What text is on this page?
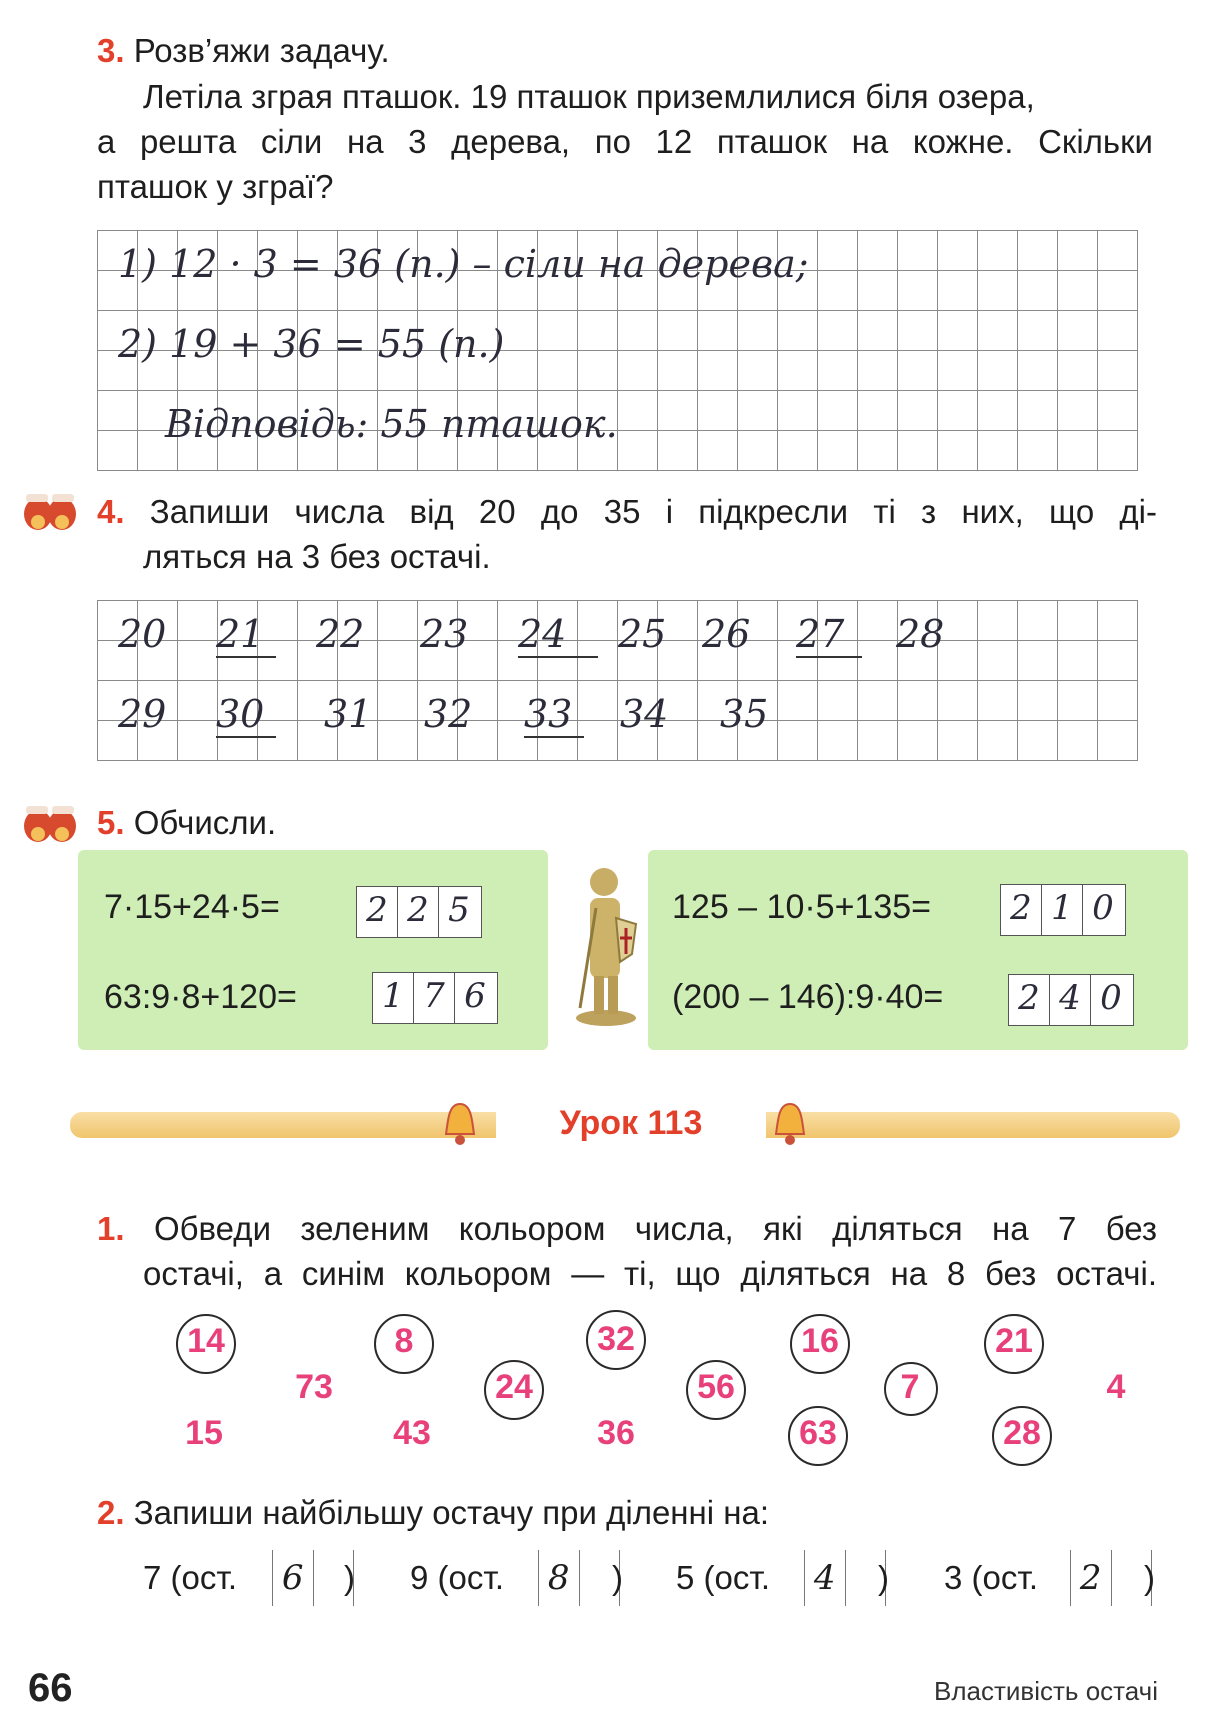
3. Розв’яжи задачу.
Летіла зграя пташок. 19 пташок приземлилися біля озера,
а решта сіли на 3 дерева, по 12 пташок на кожне. Скільки
пташок у зграї?
1) 12 · 3 = 36 (п.) – сіли на дерева;
2) 19 + 36 = 55 (п.)
Відповідь: 55 пташок.
4. Запиши числа від 20 до 35 і підкресли ті з них, що ді-
ляться на 3 без остачі.
20 21 22 23 24 25 26 27 28
29 30 31 32 33 34 35
5. Обчисли.
7·15+24·5=	2 2 5
63:9·8+120=	1 7 6
125 – 10·5+135= 2 1 0
(200 – 146):9·40= 2 4 0
Урок 113
1. Обведи зеленим кольором числа, які діляться на 7 без
остачі, а синім кольором — ті, що діляться на 8 без остачі.
14	8	32	16	21
73	24	56	7	4
15	43	36	63	28
2. Запиши найбільшу остачу при діленні на:
7 (ост. 6	) 9 (ост. 8	) 5 (ост. 4	) 3 (ост. 2	)
66	Властивість остачі
